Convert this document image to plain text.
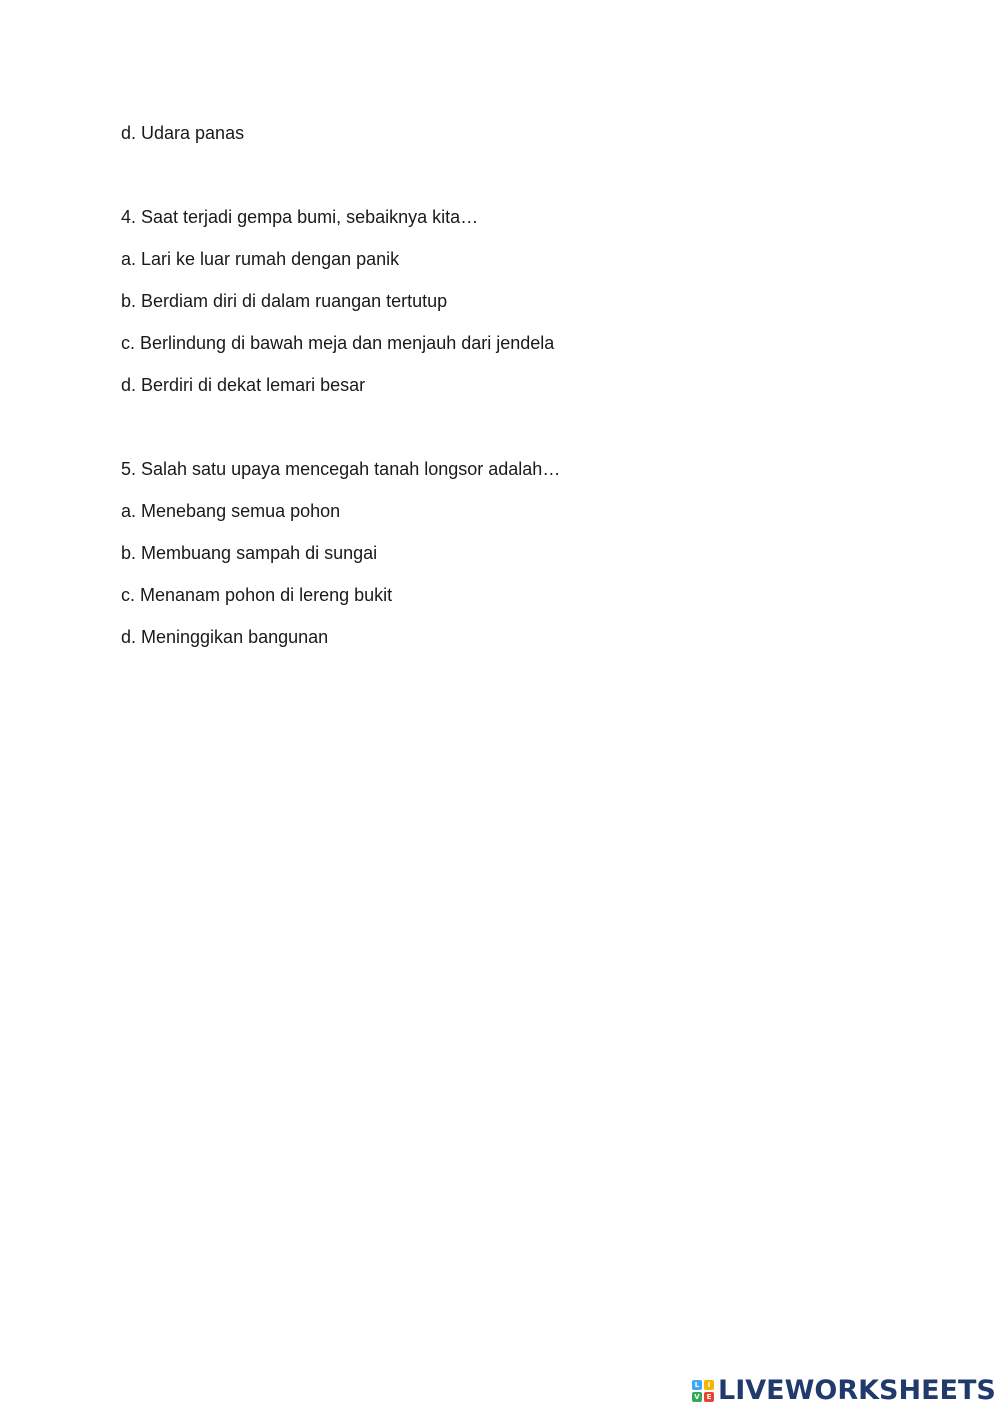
d. Udara panas
4. Saat terjadi gempa bumi, sebaiknya kita…
a. Lari ke luar rumah dengan panik
b. Berdiam diri di dalam ruangan tertutup
c. Berlindung di bawah meja dan menjauh dari jendela
d. Berdiri di dekat lemari besar
5. Salah satu upaya mencegah tanah longsor adalah…
a. Menebang semua pohon
b. Membuang sampah di sungai
c. Menanam pohon di lereng bukit
d. Meninggikan bangunan
L	I
V E LIVEWORKSHEETS
